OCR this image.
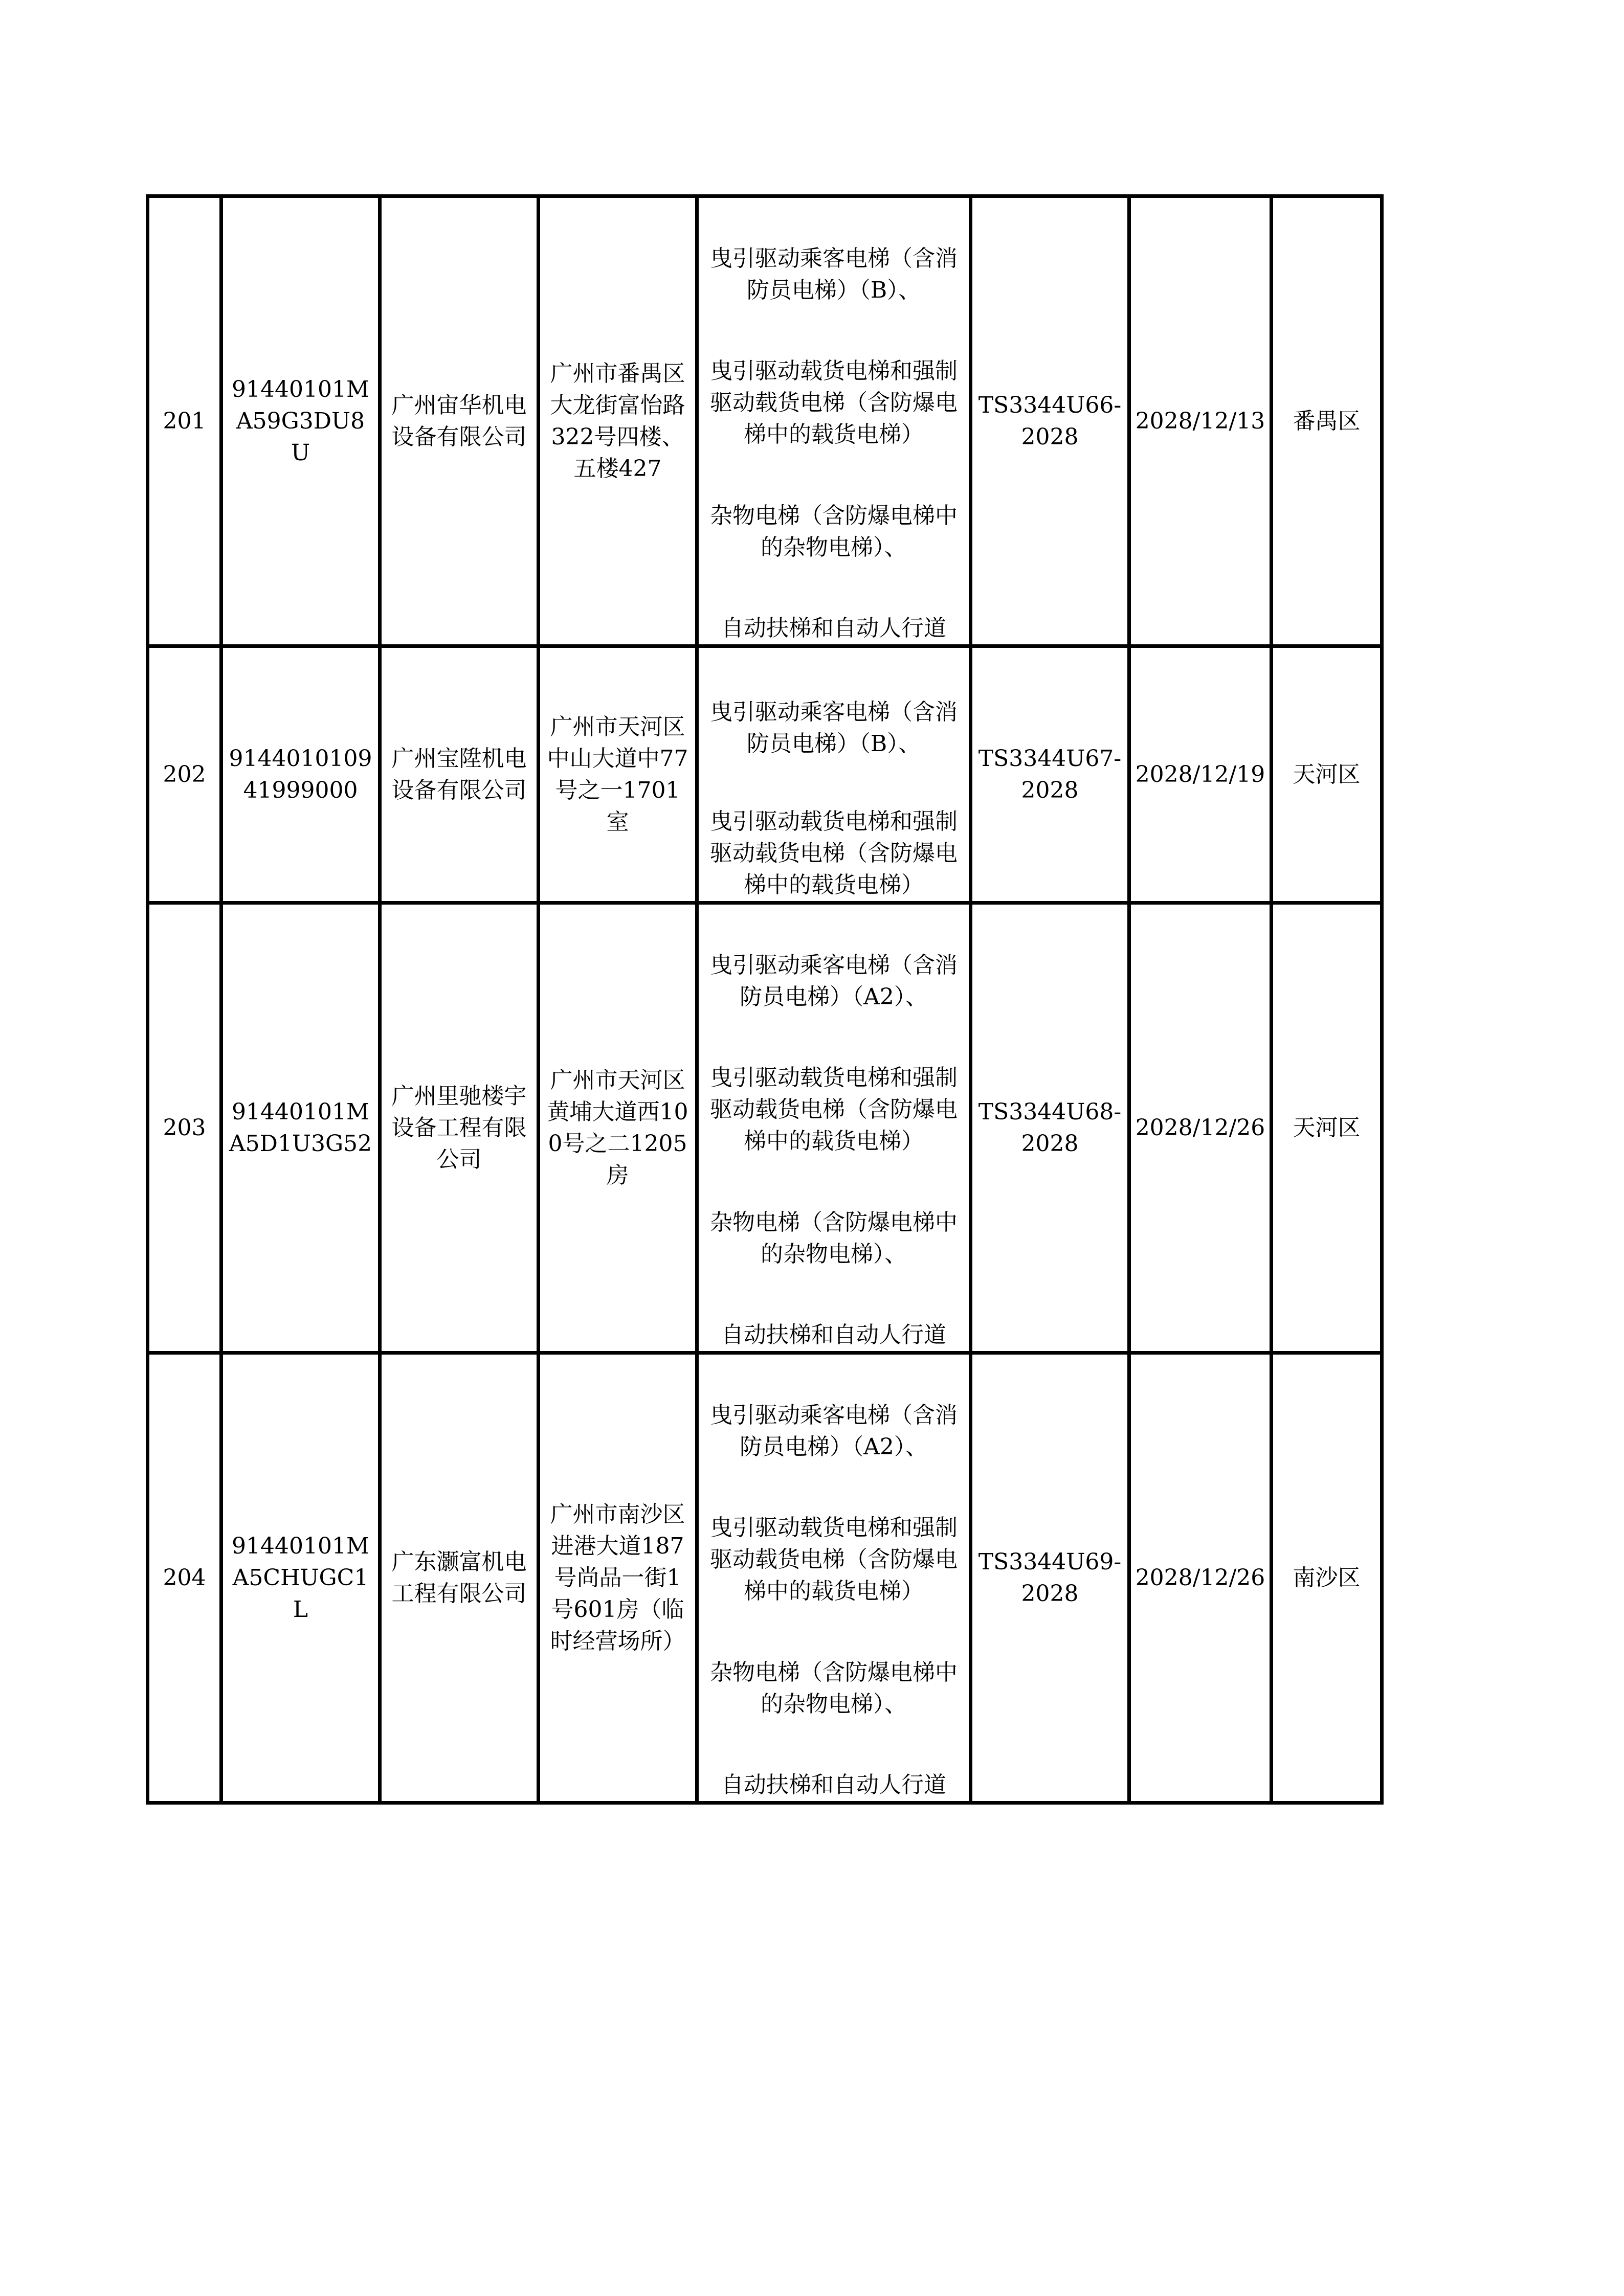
201	91440101MA59G3DU8U	广州宙华机电设备有限公司	广州市番禺区大龙街富怡路322号四楼、五楼427	曳引驱动乘客电梯（含消防员电梯）（B）、
曳引驱动载货电梯和强制驱动载货电梯（含防爆电梯中的载货电梯）
杂物电梯（含防爆电梯中的杂物电梯）、
自动扶梯和自动人行道	TS3344U66-2028	2028/12/13	番禺区
202	914401010941999000	广州宝陞机电设备有限公司	广州市天河区中山大道中77号之一1701室	曳引驱动乘客电梯（含消防员电梯）（B）、
曳引驱动载货电梯和强制驱动载货电梯（含防爆电梯中的载货电梯）	TS3344U67-2028	2028/12/19	天河区
203	91440101MA5D1U3G52	广州里驰楼宇设备工程有限公司	广州市天河区黄埔大道西100号之二1205房	曳引驱动乘客电梯（含消防员电梯）（A2）、
曳引驱动载货电梯和强制驱动载货电梯（含防爆电梯中的载货电梯）
杂物电梯（含防爆电梯中的杂物电梯）、
自动扶梯和自动人行道	TS3344U68-2028	2028/12/26	天河区
204	91440101MA5CHUGC1L	广东灏富机电工程有限公司	广州市南沙区进港大道187号尚品一街1号601房（临时经营场所）	曳引驱动乘客电梯（含消防员电梯）（A2）、
曳引驱动载货电梯和强制驱动载货电梯（含防爆电梯中的载货电梯）
杂物电梯（含防爆电梯中的杂物电梯）、
自动扶梯和自动人行道	TS3344U69-2028	2028/12/26	南沙区
